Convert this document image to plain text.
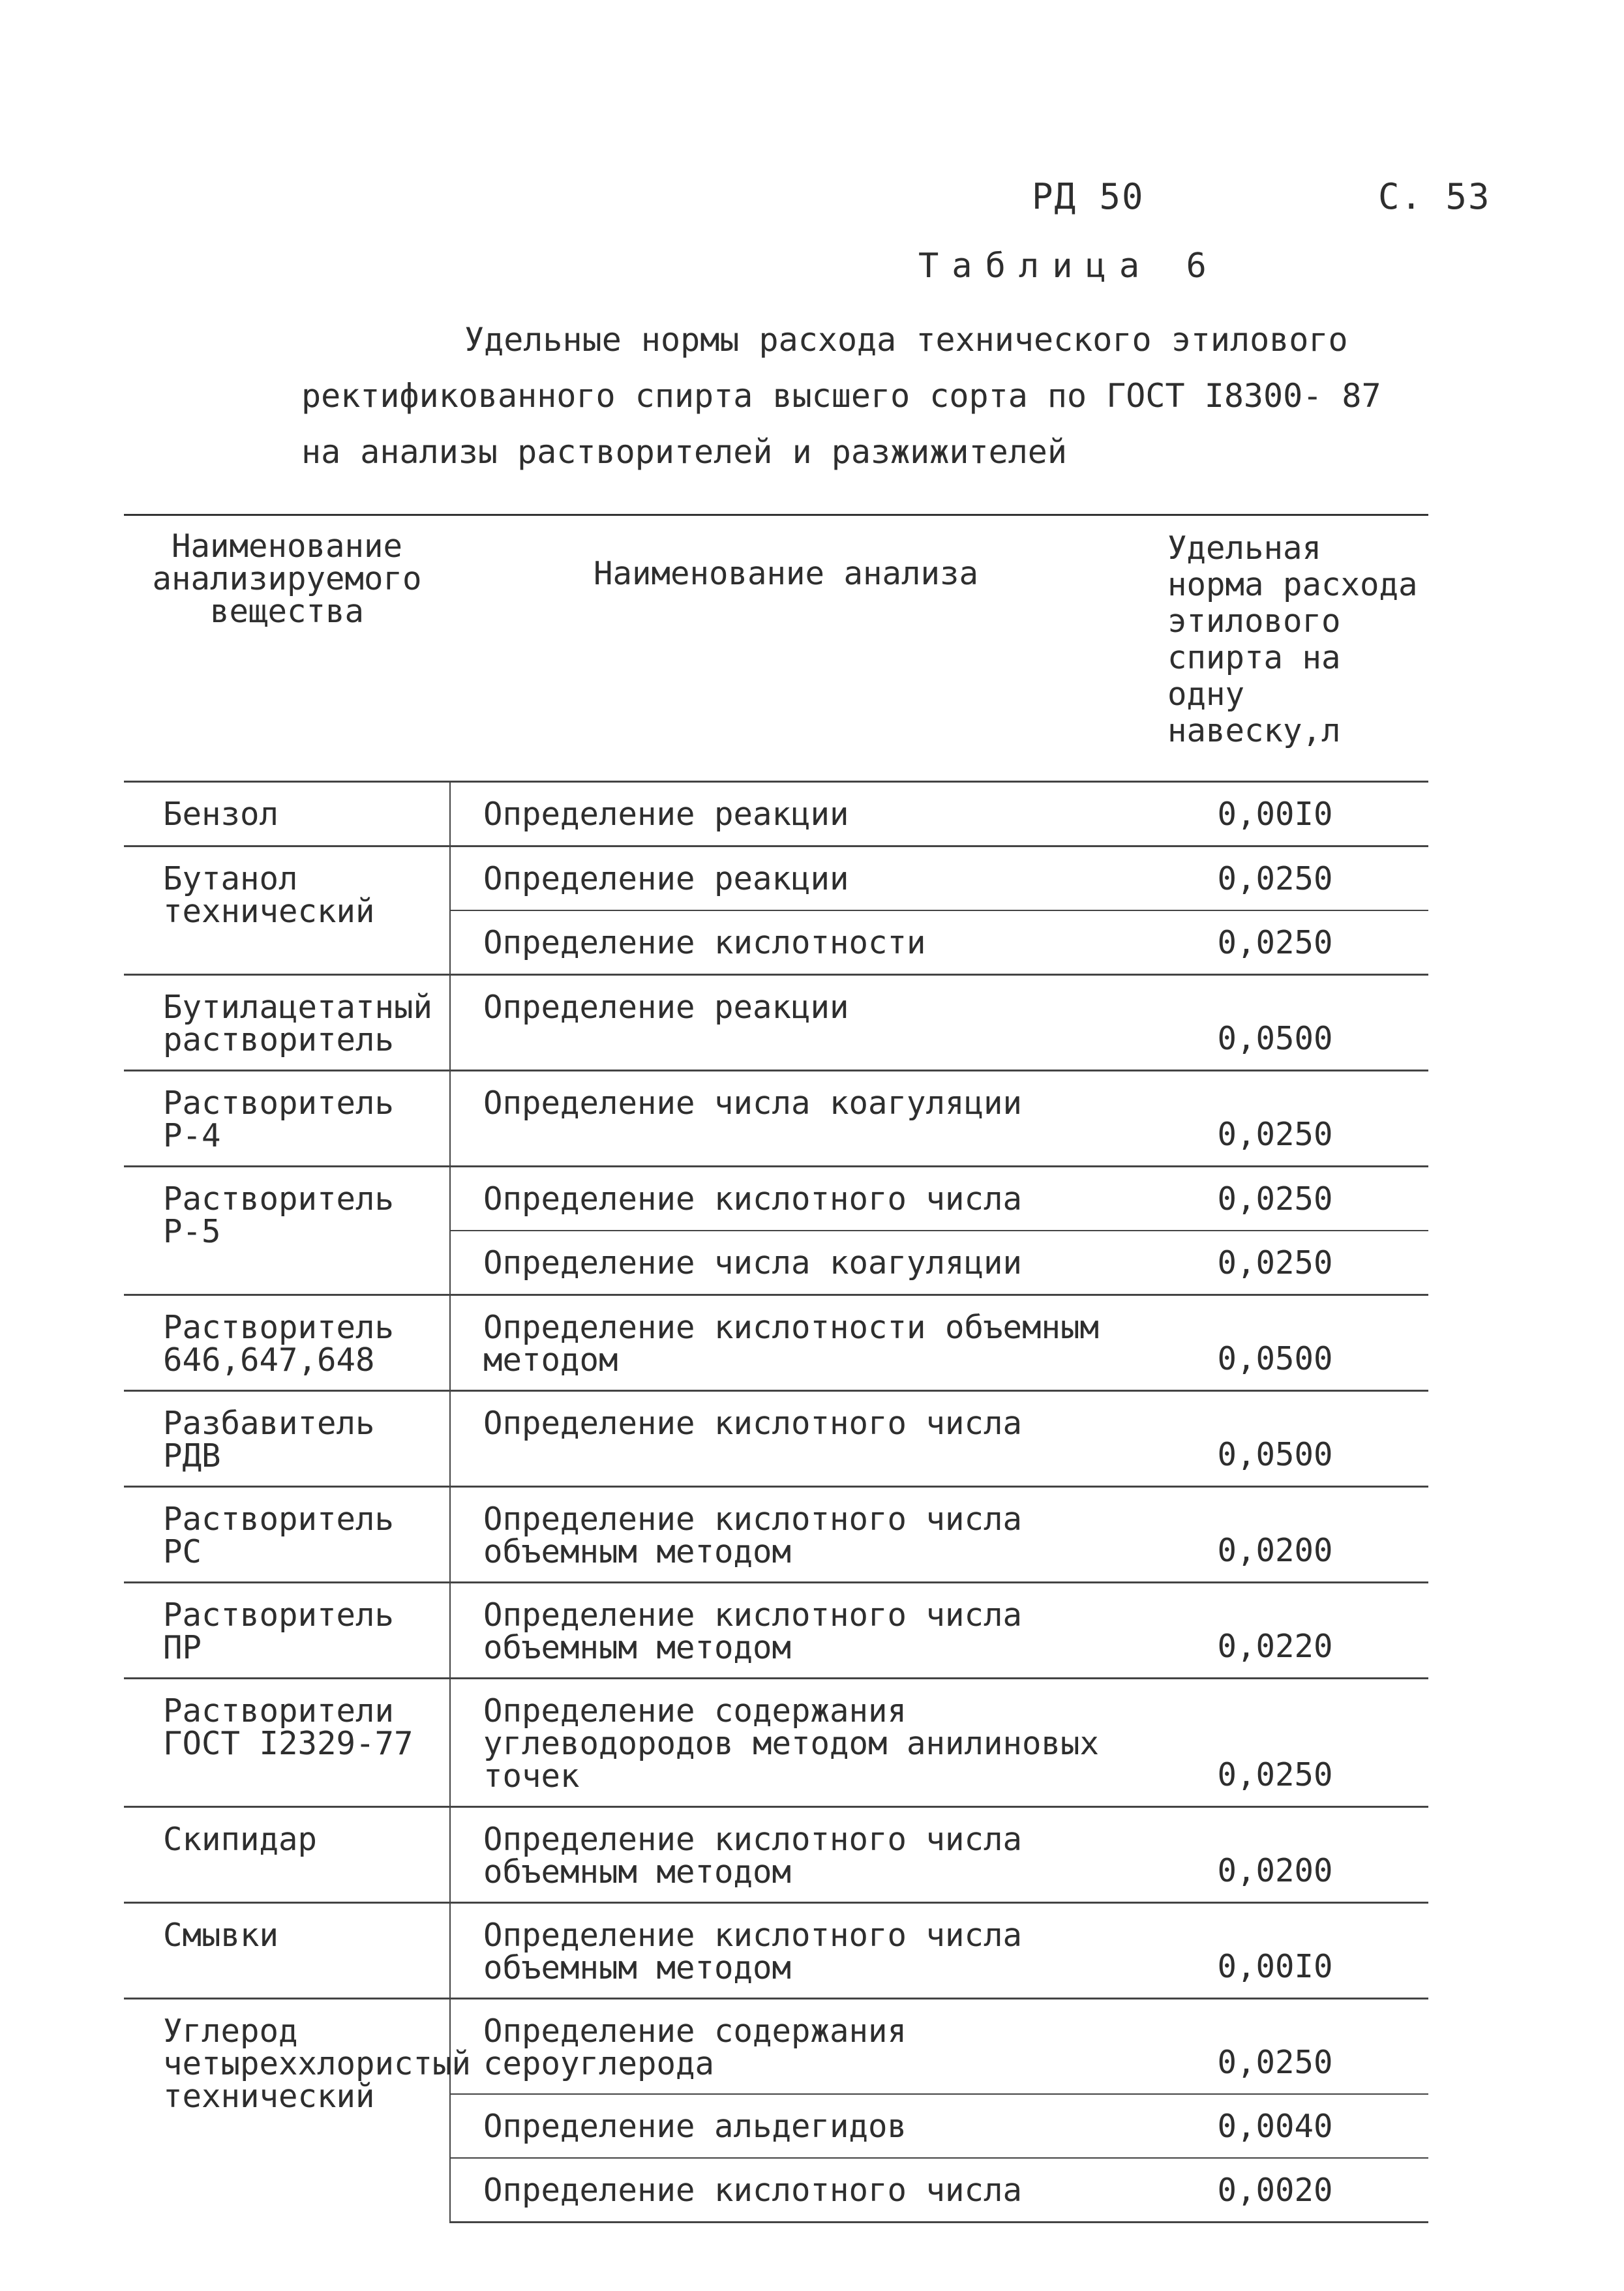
РД 50	С. 53
Таблица 6
Удельные нормы расхода технического этилового
ректификованного спирта высшего сорта по ГОСТ I8300- 87
на анализы растворителей и разжижителей
Наименование анализируемого вещества	Наименование анализа	Удельная норма расхода этилового спирта на одну навеску,л
Бензол	Определение реакции	0,00I0
Бутанол технический	Определение реакции	0,0250
	Определение кислотности	0,0250
Бутилацетатный растворитель	Определение реакции	0,0500
Растворитель Р-4	Определение числа коагуляции	0,0250
Растворитель Р-5	Определение кислотного числа	0,0250
	Определение числа коагуляции	0,0250
Растворитель 646,647,648	Определение кислотности объемным методом	0,0500
Разбавитель РДВ	Определение кислотного числа	0,0500
Растворитель РС	Определение кислотного числа объемным методом	0,0200
Растворитель ПР	Определение кислотного числа объемным методом	0,0220
Растворители ГОСТ I2329-77	Определение содержания углеводородов методом анилиновых точек	0,0250
Скипидар	Определение кислотного числа объемным методом	0,0200
Смывки	Определение кислотного числа объемным методом	0,00I0
Углерод четыреххлористый технический	Определение содержания сероуглерода	0,0250
	Определение альдегидов	0,0040
	Определение кислотного числа	0,0020
